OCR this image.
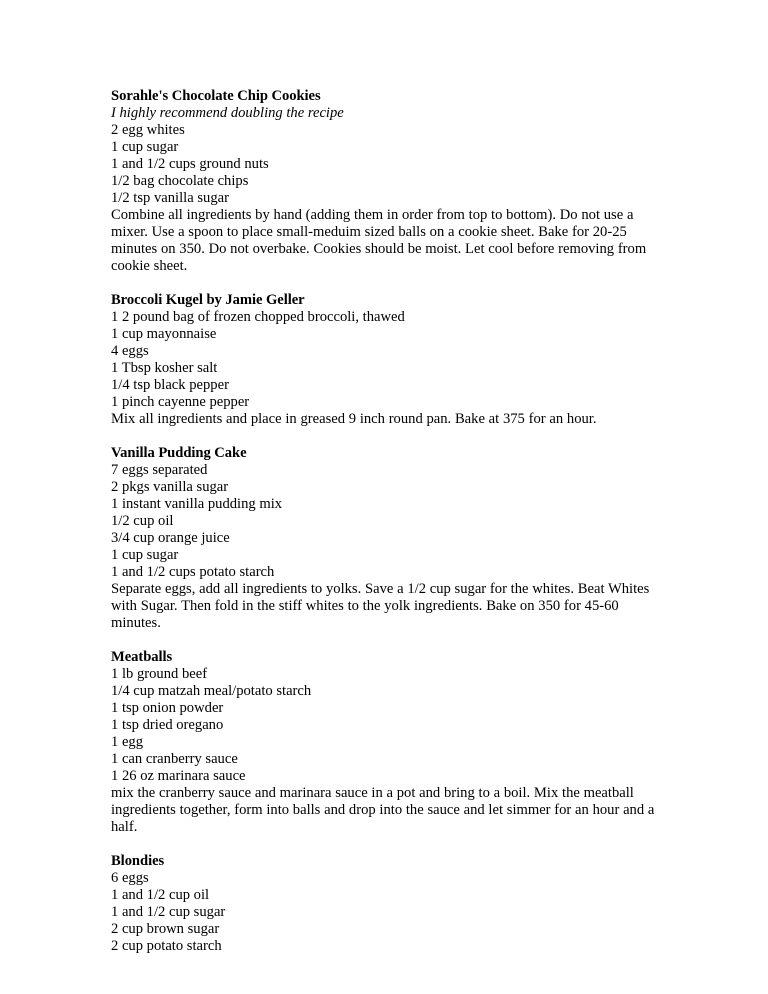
Sorahle's Chocolate Chip Cookies
I highly recommend doubling the recipe
2 egg whites
1 cup sugar
1 and 1/2 cups ground nuts
1/2 bag chocolate chips
1/2 tsp vanilla sugar

Combine all ingredients by hand (adding them in order from top to bottom). Do not use a mixer. Use a spoon to place small-meduim sized balls on a cookie sheet. Bake for 20-25 minutes on 350. Do not overbake. Cookies should be moist. Let cool before removing from cookie sheet.

Broccoli Kugel by Jamie Geller
1 2 pound bag of frozen chopped broccoli, thawed
1 cup mayonnaise
4 eggs
1 Tbsp kosher salt
1/4 tsp black pepper
1 pinch cayenne pepper

Mix all ingredients and place in greased 9 inch round pan. Bake at 375 for an hour.

Vanilla Pudding Cake
7 eggs separated
2 pkgs vanilla sugar
1 instant vanilla pudding mix
1/2 cup oil
3/4 cup orange juice
1 cup sugar
1 and 1/2 cups potato starch

Separate eggs, add all ingredients to yolks. Save a 1/2 cup sugar for the whites. Beat Whites with Sugar. Then fold in the stiff whites to the yolk ingredients. Bake on 350 for 45-60 minutes.

Meatballs
1 lb ground beef
1/4 cup matzah meal/potato starch
1 tsp onion powder
1 tsp dried oregano
1 egg
1 can cranberry sauce
1 26 oz marinara sauce

mix the cranberry sauce and marinara sauce in a pot and bring to a boil. Mix the meatball ingredients together, form into balls and drop into the sauce and let simmer for an hour and a half.

Blondies
6 eggs
1 and 1/2 cup oil
1 and 1/2 cup sugar
2 cup brown sugar
2 cup potato starch
